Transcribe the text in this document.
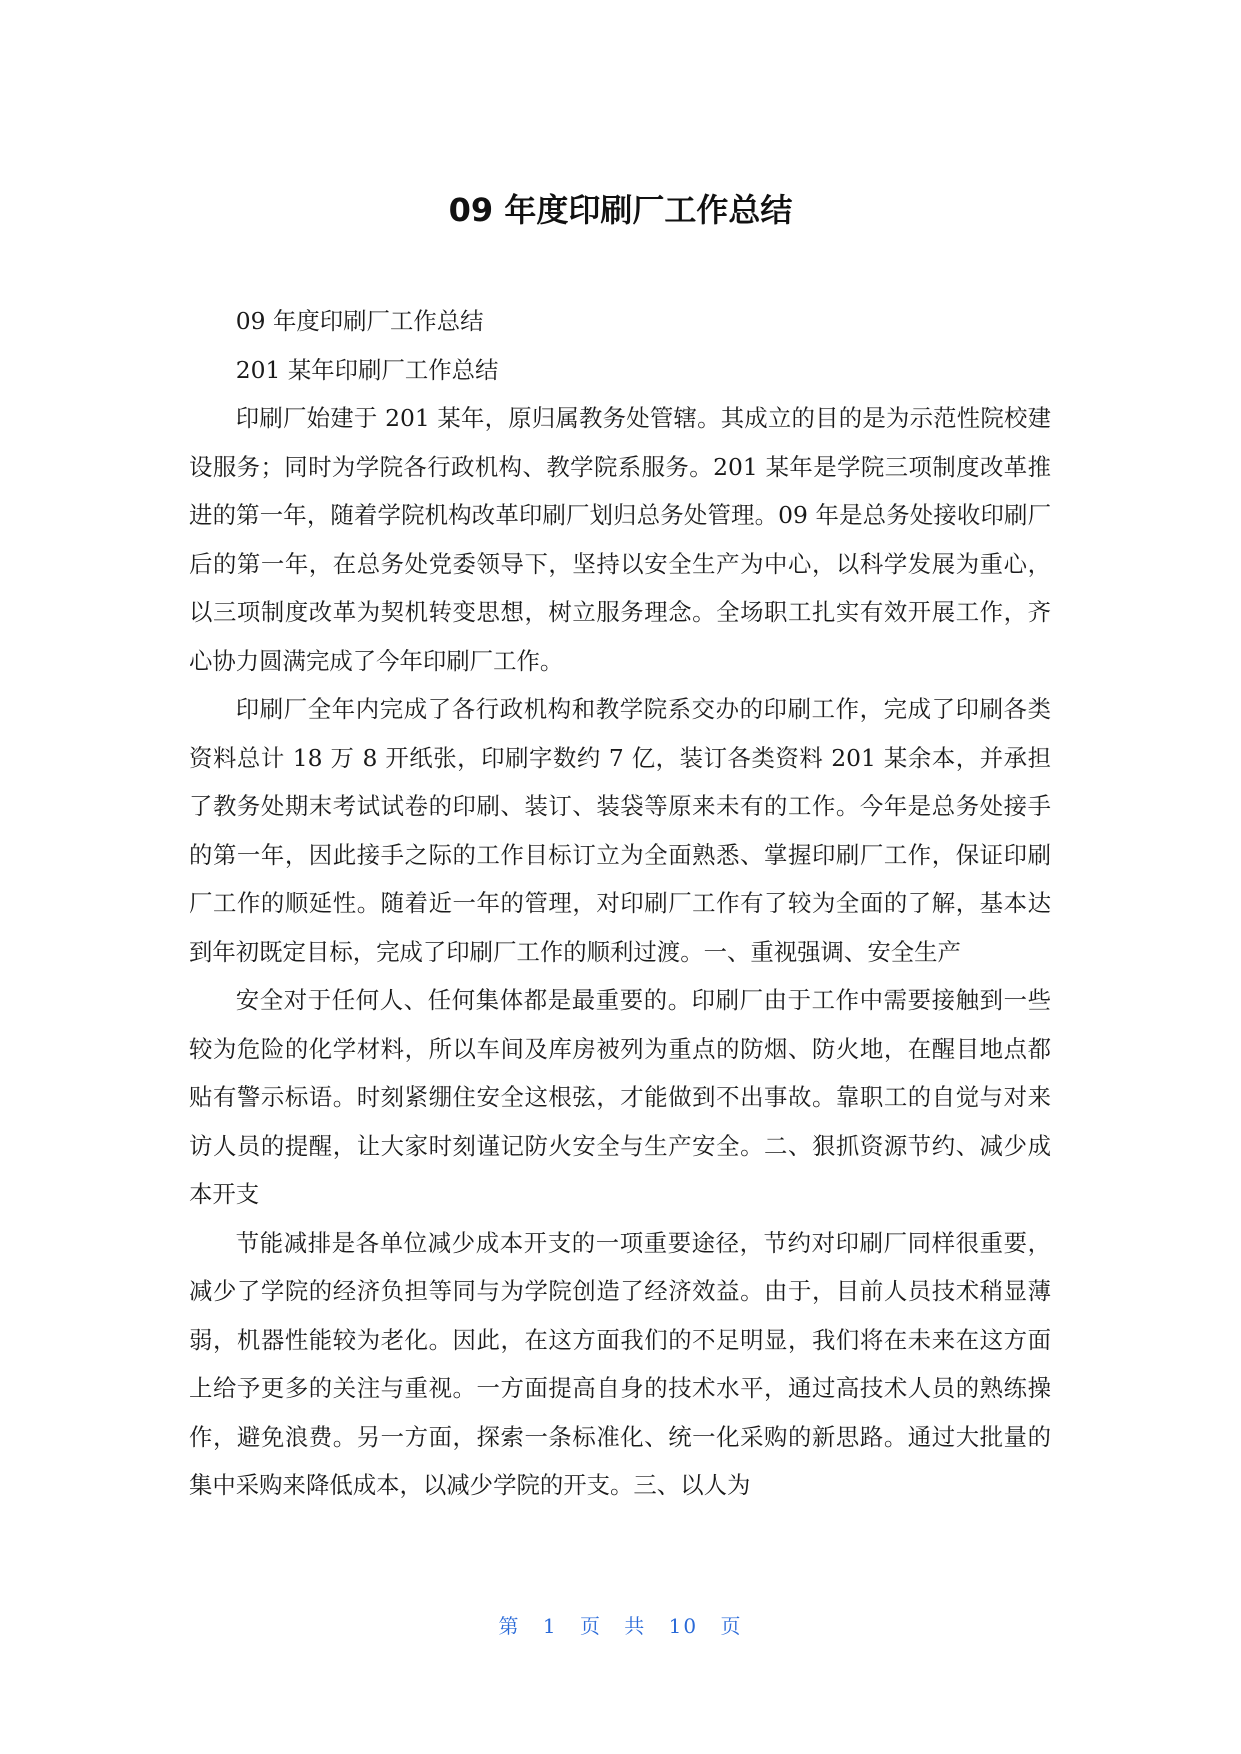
09 年度印刷厂工作总结

09 年度印刷厂工作总结

201 某年印刷厂工作总结

印刷厂始建于 201 某年，原归属教务处管辖。其成立的目的是为示范性院校建设服务；同时为学院各行政机构、教学院系服务。201 某年是学院三项制度改革推进的第一年，随着学院机构改革印刷厂划归总务处管理。09 年是总务处接收印刷厂后的第一年，在总务处党委领导下，坚持以安全生产为中心，以科学发展为重心，以三项制度改革为契机转变思想，树立服务理念。全场职工扎实有效开展工作，齐心协力圆满完成了今年印刷厂工作。

印刷厂全年内完成了各行政机构和教学院系交办的印刷工作，完成了印刷各类资料总计 18 万 8 开纸张，印刷字数约 7 亿，装订各类资料 201 某余本，并承担了教务处期末考试试卷的印刷、装订、装袋等原来未有的工作。今年是总务处接手的第一年，因此接手之际的工作目标订立为全面熟悉、掌握印刷厂工作，保证印刷厂工作的顺延性。随着近一年的管理，对印刷厂工作有了较为全面的了解，基本达到年初既定目标，完成了印刷厂工作的顺利过渡。一、重视强调、安全生产

安全对于任何人、任何集体都是最重要的。印刷厂由于工作中需要接触到一些较为危险的化学材料，所以车间及库房被列为重点的防烟、防火地，在醒目地点都贴有警示标语。时刻紧绷住安全这根弦，才能做到不出事故。靠职工的自觉与对来访人员的提醒，让大家时刻谨记防火安全与生产安全。二、狠抓资源节约、减少成本开支

节能减排是各单位减少成本开支的一项重要途径，节约对印刷厂同样很重要，减少了学院的经济负担等同与为学院创造了经济效益。由于，目前人员技术稍显薄弱，机器性能较为老化。因此，在这方面我们的不足明显，我们将在未来在这方面上给予更多的关注与重视。一方面提高自身的技术水平，通过高技术人员的熟练操作，避免浪费。另一方面，探索一条标准化、统一化采购的新思路。通过大批量的集中采购来降低成本，以减少学院的开支。三、以人为

第 1 页 共 10 页
